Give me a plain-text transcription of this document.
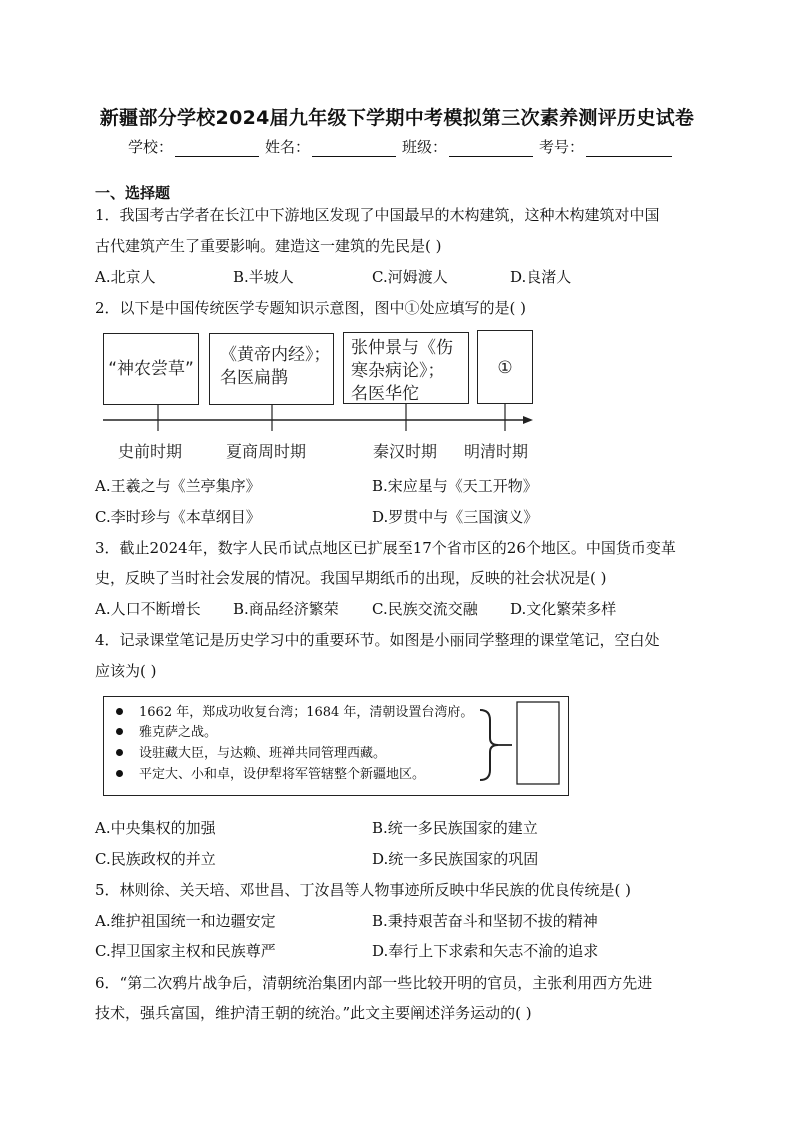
新疆部分学校2024届九年级下学期中考模拟第三次素养测评历史试卷
学校：	姓名：	班级：	考号：
一、选择题
1．我国考古学者在长江中下游地区发现了中国最早的木构建筑，这种木构建筑对中国
古代建筑产生了重要影响。建造这一建筑的先民是( )
A.北京人	B.半坡人	C.河姆渡人	D.良渚人
2．以下是中国传统医学专题知识示意图，图中①处应填写的是( )
“神农尝草”
《黄帝内经》；
名医扁鹊
张仲景与《伤
寒杂病论》；
名医华佗
①
史前时期	夏商周时期	秦汉时期 明清时期
A.王羲之与《兰亭集序》	B.宋应星与《天工开物》
C.李时珍与《本草纲目》	D.罗贯中与《三国演义》
3．截止2024年，数字人民币试点地区已扩展至17个省市区的26个地区。中国货币变革
史，反映了当时社会发展的情况。我国早期纸币的出现，反映的社会状况是( )
A.人口不断增长 B.商品经济繁荣 C.民族交流交融 D.文化繁荣多样
4．记录课堂笔记是历史学习中的重要环节。如图是小丽同学整理的课堂笔记，空白处
应该为( )
1662 年，郑成功收复台湾；1684 年，清朝设置台湾府。
雅克萨之战。
设驻藏大臣，与达赖、班禅共同管理西藏。
平定大、小和卓，设伊犁将军管辖整个新疆地区。
A.中央集权的加强	B.统一多民族国家的建立
C.民族政权的并立	D.统一多民族国家的巩固
5．林则徐、关天培、邓世昌、丁汝昌等人物事迹所反映中华民族的优良传统是( )
A.维护祖国统一和边疆安定	B.秉持艰苦奋斗和坚韧不拔的精神
C.捍卫国家主权和民族尊严	D.奉行上下求索和矢志不渝的追求
6．“第二次鸦片战争后，清朝统治集团内部一些比较开明的官员，主张利用西方先进
技术，强兵富国，维护清王朝的统治。”此文主要阐述洋务运动的( )
